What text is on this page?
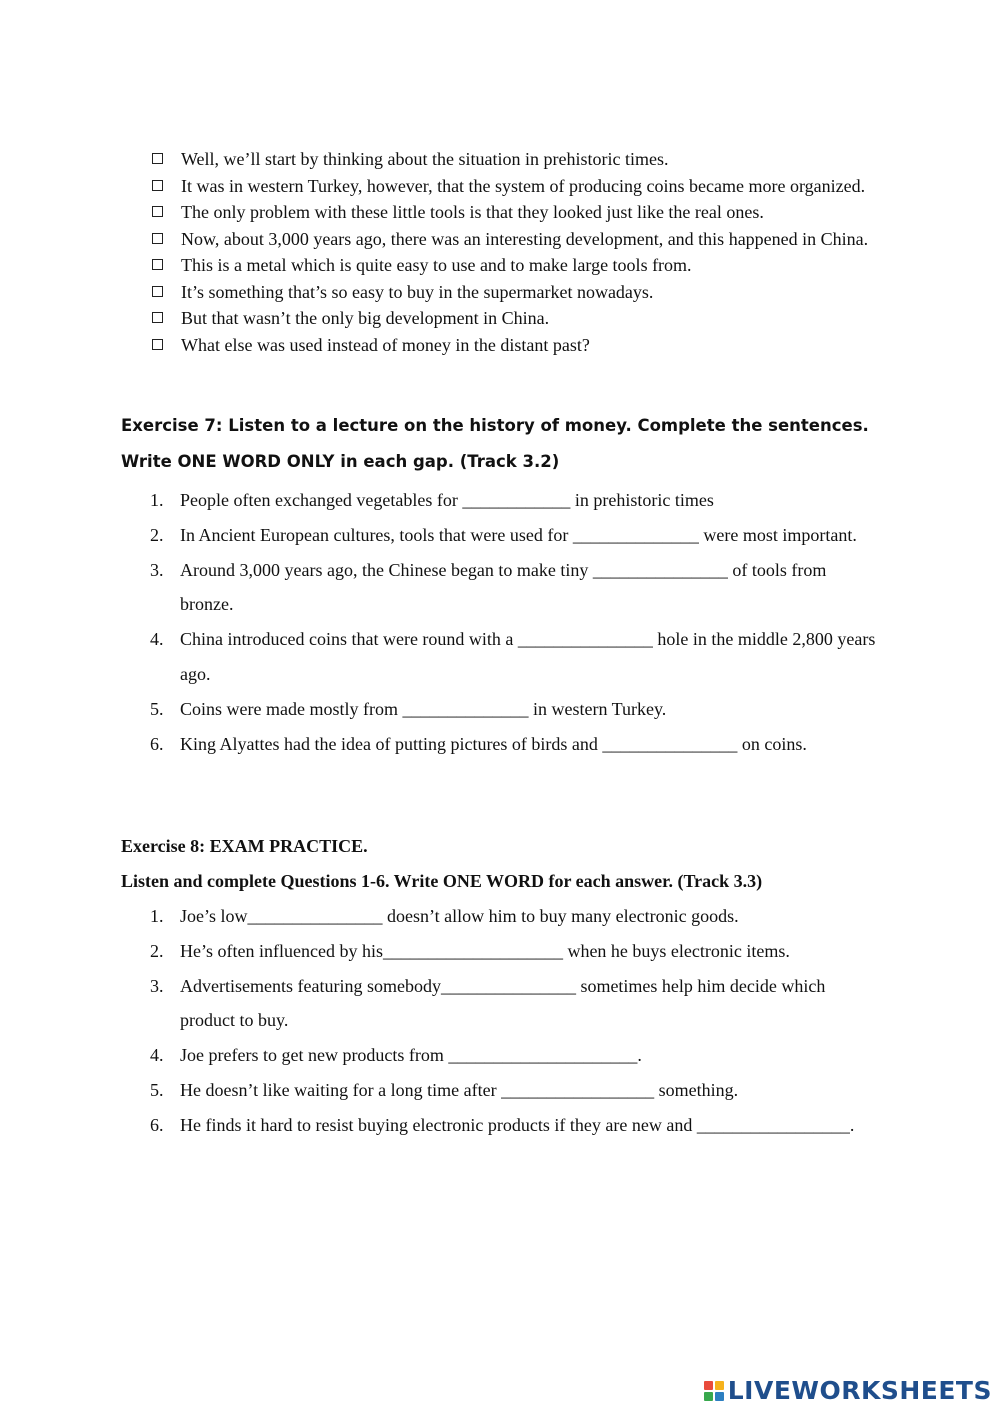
Well, we’ll start by thinking about the situation in prehistoric times.
It was in western Turkey, however, that the system of producing coins became more organized.
The only problem with these little tools is that they looked just like the real ones.
Now, about 3,000 years ago, there was an interesting development, and this happened in China.
This is a metal which is quite easy to use and to make large tools from.
It’s something that’s so easy to buy in the supermarket nowadays.
But that wasn’t the only big development in China.
What else was used instead of money in the distant past?
Exercise 7: Listen to a lecture on the history of money. Complete the sentences.
Write ONE WORD ONLY in each gap. (Track 3.2)
1. People often exchanged vegetables for ____________ in prehistoric times
2. In Ancient European cultures, tools that were used for ______________ were most important.
3. Around 3,000 years ago, the Chinese began to make tiny _______________ of tools from bronze.
4. China introduced coins that were round with a _______________ hole in the middle 2,800 years ago.
5. Coins were made mostly from ______________ in western Turkey.
6. King Alyattes had the idea of putting pictures of birds and _______________ on coins.
Exercise 8: EXAM PRACTICE.
Listen and complete Questions 1-6. Write ONE WORD for each answer. (Track 3.3)
1. Joe’s low_______________ doesn’t allow him to buy many electronic goods.
2. He’s often influenced by his____________________ when he buys electronic items.
3. Advertisements featuring somebody_______________ sometimes help him decide which product to buy.
4. Joe prefers to get new products from _____________________.
5. He doesn’t like waiting for a long time after _________________ something.
6. He finds it hard to resist buying electronic products if they are new and _________________.
LIVEWORKSHEETS
